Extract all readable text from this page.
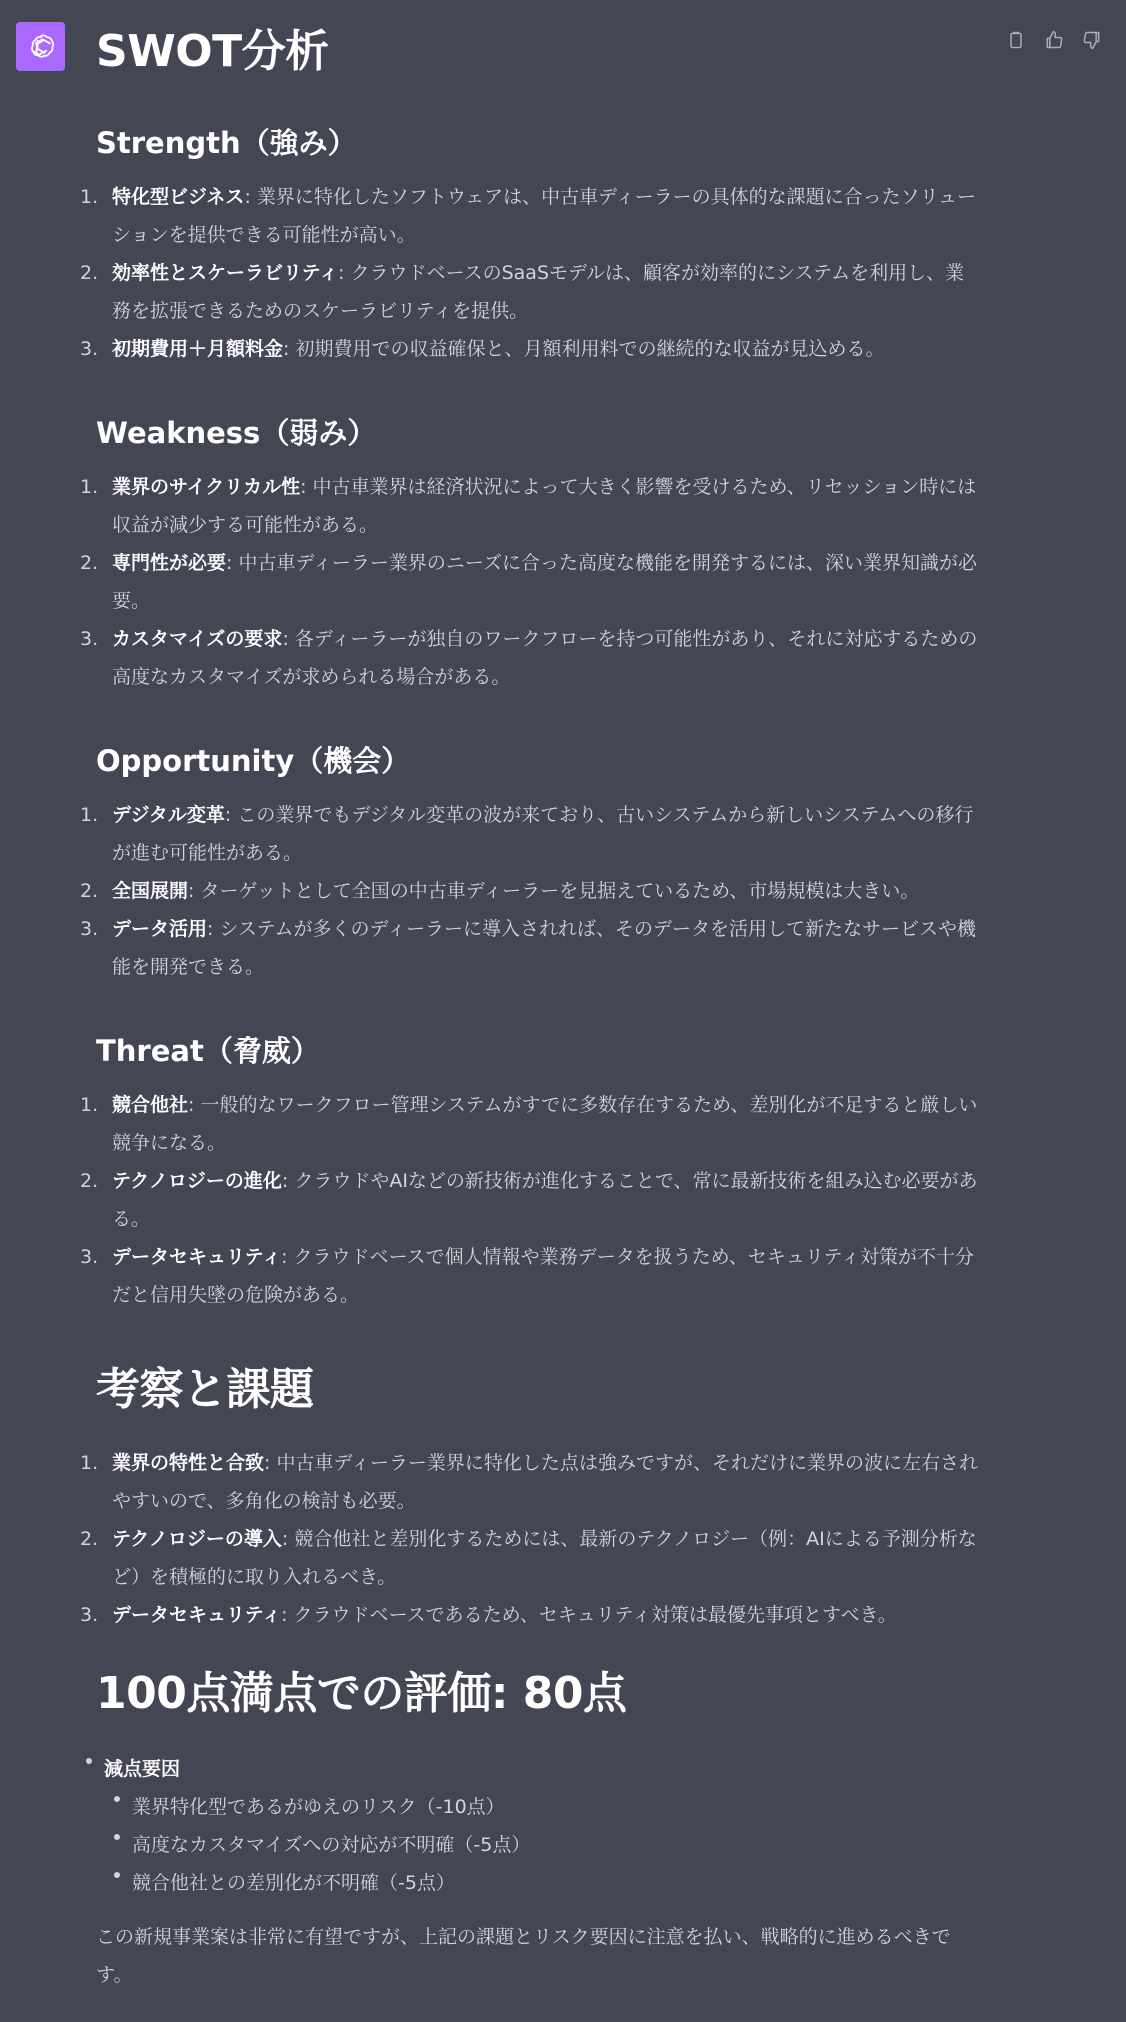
SWOT分析
Strength（強み）
1. 特化型ビジネス: 業界に特化したソフトウェアは、中古車ディーラーの具体的な課題に合ったソリューションを提供できる可能性が高い。
2. 効率性とスケーラビリティ: クラウドベースのSaaSモデルは、顧客が効率的にシステムを利用し、業務を拡張できるためのスケーラビリティを提供。
3. 初期費用＋月額料金: 初期費用での収益確保と、月額利用料での継続的な収益が見込める。
Weakness（弱み）
1. 業界のサイクリカル性: 中古車業界は経済状況によって大きく影響を受けるため、リセッション時には収益が減少する可能性がある。
2. 専門性が必要: 中古車ディーラー業界のニーズに合った高度な機能を開発するには、深い業界知識が必要。
3. カスタマイズの要求: 各ディーラーが独自のワークフローを持つ可能性があり、それに対応するための高度なカスタマイズが求められる場合がある。
Opportunity（機会）
1. デジタル変革: この業界でもデジタル変革の波が来ており、古いシステムから新しいシステムへの移行が進む可能性がある。
2. 全国展開: ターゲットとして全国の中古車ディーラーを見据えているため、市場規模は大きい。
3. データ活用: システムが多くのディーラーに導入されれば、そのデータを活用して新たなサービスや機能を開発できる。
Threat（脅威）
1. 競合他社: 一般的なワークフロー管理システムがすでに多数存在するため、差別化が不足すると厳しい競争になる。
2. テクノロジーの進化: クラウドやAIなどの新技術が進化することで、常に最新技術を組み込む必要がある。
3. データセキュリティ: クラウドベースで個人情報や業務データを扱うため、セキュリティ対策が不十分だと信用失墜の危険がある。
考察と課題
1. 業界の特性と合致: 中古車ディーラー業界に特化した点は強みですが、それだけに業界の波に左右されやすいので、多角化の検討も必要。
2. テクノロジーの導入: 競合他社と差別化するためには、最新のテクノロジー（例：AIによる予測分析など）を積極的に取り入れるべき。
3. データセキュリティ: クラウドベースであるため、セキュリティ対策は最優先事項とすべき。
100点満点での評価: 80点
減点要因
業界特化型であるがゆえのリスク（-10点）
高度なカスタマイズへの対応が不明確（-5点）
競合他社との差別化が不明確（-5点）

この新規事業案は非常に有望ですが、上記の課題とリスク要因に注意を払い、戦略的に進めるべきです。
